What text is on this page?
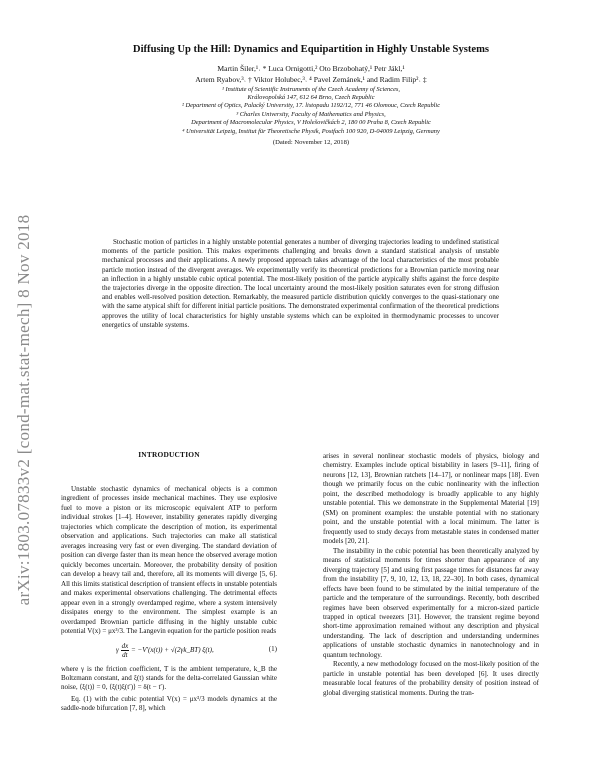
arXiv:1803.07833v2 [cond-mat.stat-mech] 8 Nov 2018
Diffusing Up the Hill: Dynamics and Equipartition in Highly Unstable Systems
Martin Šiler,¹˒ * Luca Ornigotti,² Oto Brzobohatý,¹ Petr Jákl,¹
Artem Ryabov,³˒ † Viktor Holubec,³˒ ⁴ Pavel Zemánek,¹ and Radim Filip²˒ ‡
¹ Institute of Scientific Instruments of the Czech Academy of Sciences,
Královopolská 147, 612 64 Brno, Czech Republic
² Department of Optics, Palacký University, 17. listopadu 1192/12, 771 46 Olomouc, Czech Republic
³ Charles University, Faculty of Mathematics and Physics,
Department of Macromolecular Physics, V Holešovičkách 2, 180 00 Praha 8, Czech Republic
⁴ Universität Leipzig, Institut für Theoretische Physik, Postfach 100 920, D-04009 Leipzig, Germany
(Dated: November 12, 2018)
Stochastic motion of particles in a highly unstable potential generates a number of diverging trajectories leading to undefined statistical moments of the particle position. This makes experiments challenging and breaks down a standard statistical analysis of unstable mechanical processes and their applications. A newly proposed approach takes advantage of the local characteristics of the most probable particle motion instead of the divergent averages. We experimentally verify its theoretical predictions for a Brownian particle moving near an inflection in a highly unstable cubic optical potential. The most-likely position of the particle atypically shifts against the force despite the trajectories diverge in the opposite direction. The local uncertainty around the most-likely position saturates even for strong diffusion and enables well-resolved position detection. Remarkably, the measured particle distribution quickly converges to the quasi-stationary one with the same atypical shift for different initial particle positions. The demonstrated experimental confirmation of the theoretical predictions approves the utility of local characteristics for highly unstable systems which can be exploited in thermodynamic processes to uncover energetics of unstable systems.
INTRODUCTION

Unstable stochastic dynamics of mechanical objects is a common ingredient of processes inside mechanical machines. They use explosive fuel to move a piston or its microscopic equivalent ATP to perform individual strokes [1–4]. However, instability generates rapidly diverging trajectories which complicate the description of motion, its experimental observation and applications. Such trajectories can make all statistical averages increasing very fast or even diverging. The standard deviation of position can diverge faster than its mean hence the observed average motion quickly becomes uncertain. Moreover, the probability density of position can develop a heavy tail and, therefore, all its moments will diverge [5, 6]. All this limits statistical description of transient effects in unstable potentials and makes experimental observations challenging. The detrimental effects appear even in a strongly overdamped regime, where a system intensively dissipates energy to the environment. The simplest example is an overdamped Brownian particle diffusing in the highly unstable cubic potential V(x) = μx³/3. The Langevin equation for the particle position reads

γ $\frac{dx}{dt} = -V'(x(t))$ + √(2γk_BT) ξ(t),	(1)

where γ is the friction coefficient, T is the ambient temperature, k_B the Boltzmann constant, and ξ(t) stands for the delta-correlated Gaussian white noise, ⟨ξ(t)⟩ = 0, ⟨ξ(t)ξ(t′)⟩ = δ(t − t′).

Eq. (1) with the cubic potential V(x) = μx³/3 models dynamics at the saddle-node bifurcation [7, 8], which

arises in several nonlinear stochastic models of physics, biology and chemistry. Examples include optical bistability in lasers [9–11], firing of neurons [12, 13], Brownian ratchets [14–17], or nonlinear maps [18]. Even though we primarily focus on the cubic nonlinearity with the inflection point, the described methodology is broadly applicable to any highly unstable potential. This we demonstrate in the Supplemental Material [19] (SM) on prominent examples: the unstable potential with no stationary point, and the unstable potential with a local minimum. The latter is frequently used to study decays from metastable states in condensed matter models [20, 21].

The instability in the cubic potential has been theoretically analyzed by means of statistical moments for times shorter than appearance of any diverging trajectory [5] and using first passage times for distances far away from the instability [7, 9, 10, 12, 13, 18, 22–30]. In both cases, dynamical effects have been found to be stimulated by the initial temperature of the particle and the temperature of the surroundings. Recently, both described regimes have been observed experimentally for a micron-sized particle trapped in optical tweezers [31]. However, the transient regime beyond short-time approximation remained without any description and physical understanding. The lack of description and understanding undermines applications of unstable stochastic dynamics in nanotechnology and in quantum technology.

Recently, a new methodology focused on the most-likely position of the particle in unstable potential has been developed [6]. It uses directly measurable local features of the probability density of position instead of global diverging statistical moments. During the tran-
